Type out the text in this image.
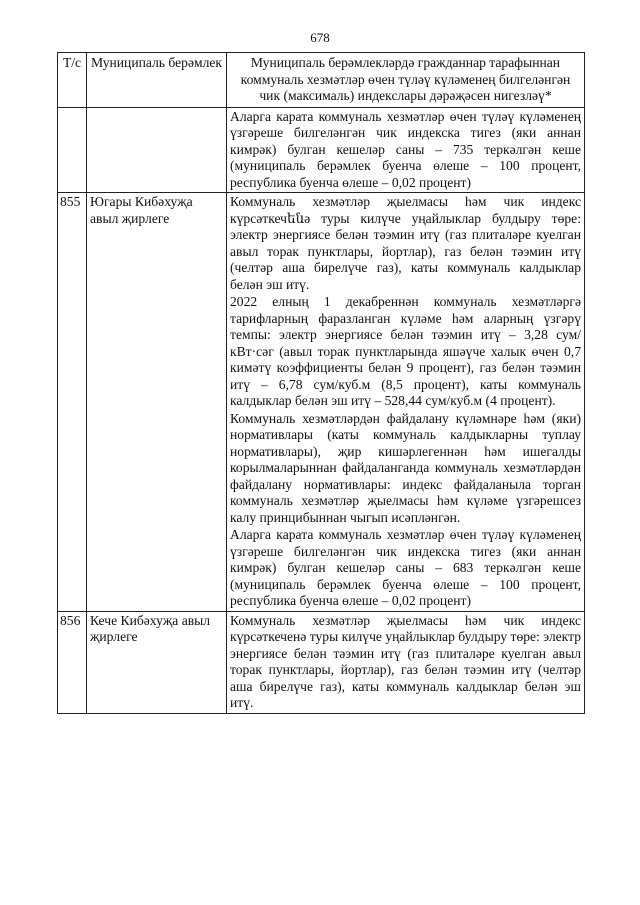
678
Т/с	Муниципаль берәмлек	Муниципаль берәмлекләрдә гражданнар тарафыннан коммуналь хезмәтләр өчен түләү күләменең билгеләнгән чик (максималь) индекслары дәрәҗәсен нигезләү*

		Аларга карата коммуналь хезмәтләр өчен түләү күләменең үзгәреше билгеләнгән чик индекска тигез (яки аннан кимрәк) булган кешеләр саны – 735 теркәлгән кеше (муниципаль берәмлек буенча өлеше – 100 процент, республика буенча өлеше – 0,02 процент)

855	Югары Кибәхуҗа авыл җирлеге	Коммуналь хезмәтләр җыелмасы һәм чик индекс күрсәткечենә туры килүче уңайлыклар булдыру төре: электр энергиясе белән тәэмин итү (газ плиталәре куелган авыл торак пунктлары, йортлар), газ белән тәэмин итү (челтәр аша бирелүче газ), каты коммуналь калдыклар белән эш итү.

2022 елның 1 декабреннән коммуналь хезмәтләргә тарифларның фаразланган күләме һәм аларның үзгәрү темпы: электр энергиясе белән тәэмин итү – 3,28 сум/кВт·сәг (авыл торак пунктларында яшәүче халык өчен 0,7 кимәтү коэффициенты белән 9 процент), газ белән тәэмин итү – 6,78 сум/куб.м (8,5 процент), каты коммуналь калдыклар белән эш итү – 528,44 сум/куб.м (4 процент).

Коммуналь хезмәтләрдән файдалану күләмнәре һәм (яки) нормативлары (каты коммуналь калдыкларны туплау нормативлары), җир кишәрлегеннән һәм ишегалды корылмаларыннан файдаланганда коммуналь хезмәтләрдән файдалану нормативлары: индекс файдаланыла торган коммуналь хезмәтләр җыелмасы һәм күләме үзгәрешсез калу принцибыннан чыгып исәпләнгән.

Аларга карата коммуналь хезмәтләр өчен түләү күләменең үзгәреше билгеләнгән чик индекска тигез (яки аннан кимрәк) булган кешеләр саны – 683 теркәлгән кеше (муниципаль берәмлек буенча өлеше – 100 процент, республика буенча өлеше – 0,02 процент)

856	Кече Кибәхуҗа авыл җирлеге	Коммуналь хезмәтләр җыелмасы һәм чик индекс күрсәткеченә туры килүче уңайлыклар булдыру төре: электр энергиясе белән тәэмин итү (газ плиталәре куелган авыл торак пунктлары, йортлар), газ белән тәэмин итү (челтәр аша бирелүче газ), каты коммуналь калдыклар белән эш итү.
